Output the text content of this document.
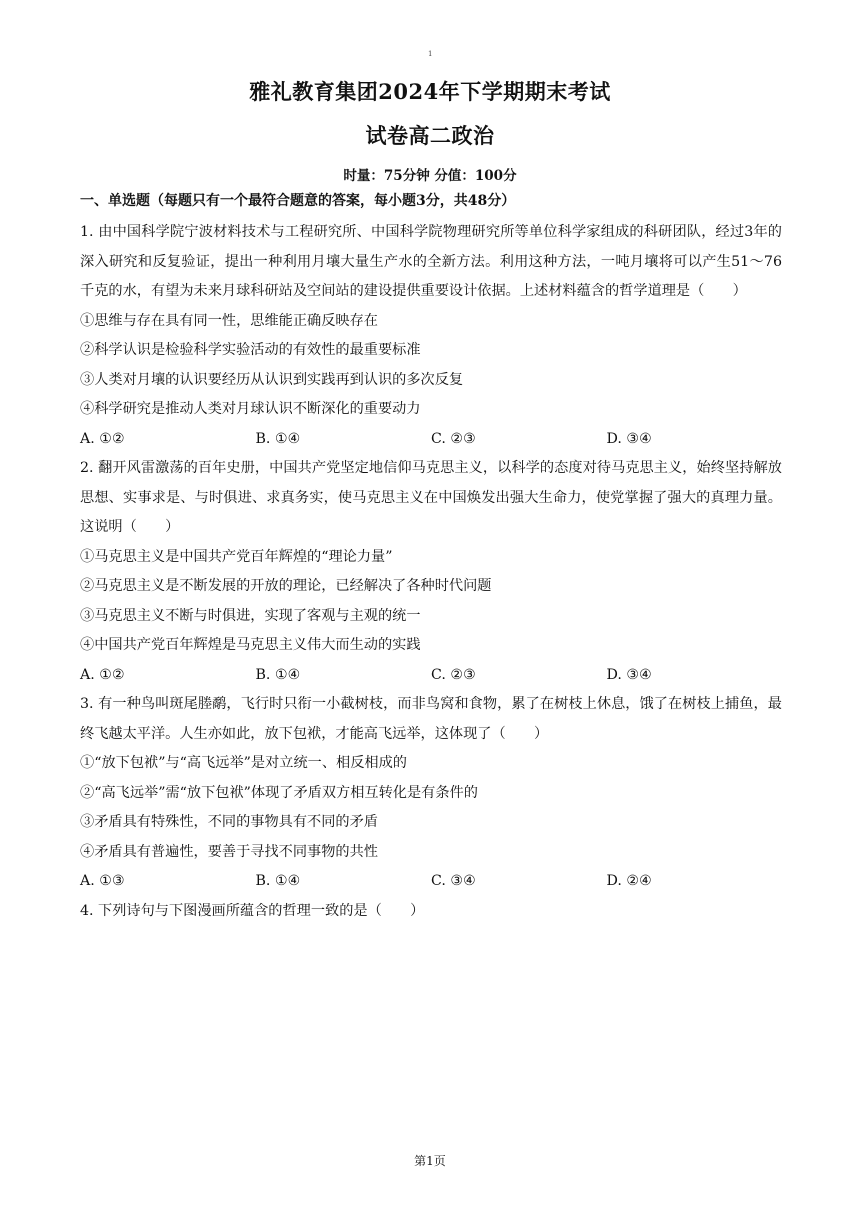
1
雅礼教育集团2024年下学期期末考试
试卷高二政治
时量：75分钟 分值：100分
一、单选题（每题只有一个最符合题意的答案，每小题3分，共48分）

1. 由中国科学院宁波材料技术与工程研究所、中国科学院物理研究所等单位科学家组成的科研团队，经过3年的深入研究和反复验证，提出一种利用月壤大量生产水的全新方法。利用这种方法，一吨月壤将可以产生51～76千克的水，有望为未来月球科研站及空间站的建设提供重要设计依据。上述材料蕴含的哲学道理是（　　）

①思维与存在具有同一性，思维能正确反映存在

②科学认识是检验科学实验活动的有效性的最重要标准

③人类对月壤的认识要经历从认识到实践再到认识的多次反复

④科学研究是推动人类对月球认识不断深化的重要动力

A. ①②	B. ①④	C. ②③	D. ③④

2. 翻开风雷激荡的百年史册，中国共产党坚定地信仰马克思主义，以科学的态度对待马克思主义，始终坚持解放思想、实事求是、与时俱进、求真务实，使马克思主义在中国焕发出强大生命力，使党掌握了强大的真理力量。这说明（　　）

①马克思主义是中国共产党百年辉煌的“理论力量”

②马克思主义是不断发展的开放的理论，已经解决了各种时代问题

③马克思主义不断与时俱进，实现了客观与主观的统一

④中国共产党百年辉煌是马克思主义伟大而生动的实践

A. ①②	B. ①④	C. ②③	D. ③④

3. 有一种鸟叫斑尾塍鹬，飞行时只衔一小截树枝，而非鸟窝和食物，累了在树枝上休息，饿了在树枝上捕鱼，最终飞越太平洋。人生亦如此，放下包袱，才能高飞远举，这体现了（　　）

①“放下包袱”与“高飞远举”是对立统一、相反相成的

②“高飞远举”需“放下包袱”体现了矛盾双方相互转化是有条件的

③矛盾具有特殊性，不同的事物具有不同的矛盾

④矛盾具有普遍性，要善于寻找不同事物的共性

A. ①③	B. ①④	C. ③④	D. ②④

4. 下列诗句与下图漫画所蕴含的哲理一致的是（　　）

第1页
